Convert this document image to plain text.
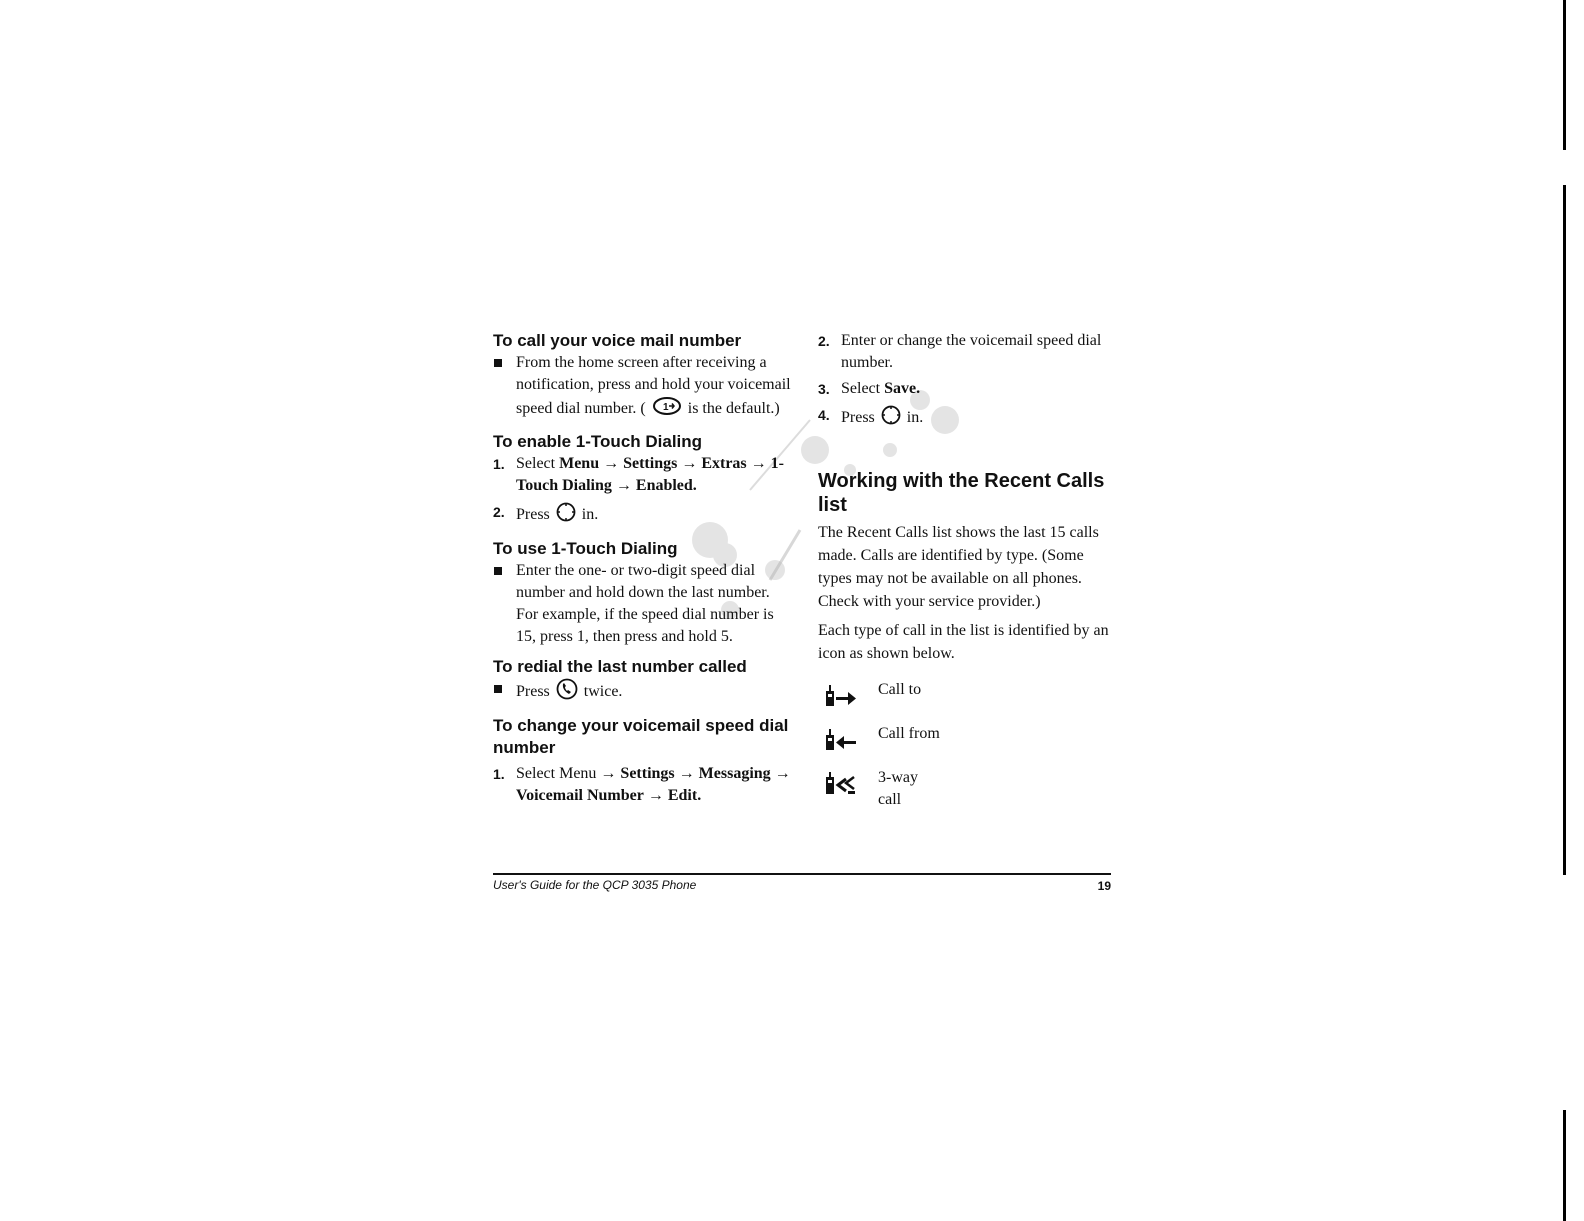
To call your voice mail number
From the home screen after receiving a notification, press and hold your voicemail speed dial number. ( 1 is the default.)
To enable 1-Touch Dialing
1. Select Menu → Settings → Extras → 1-Touch Dialing → Enabled.
2. Press in.
To use 1-Touch Dialing
Enter the one- or two-digit speed dial number and hold down the last number. For example, if the speed dial number is 15, press 1, then press and hold 5.
To redial the last number called
Press twice.
To change your voicemail speed dial number
1. Select Menu → Settings → Messaging → Voicemail Number → Edit.
2. Enter or change the voicemail speed dial number.
3. Select Save.
4. Press in.
Working with the Recent Calls list
The Recent Calls list shows the last 15 calls made. Calls are identified by type. (Some types may not be available on all phones. Check with your service provider.)
Each type of call in the list is identified by an icon as shown below.
Call to
Call from
3-way call
User's Guide for the QCP 3035 Phone	19
